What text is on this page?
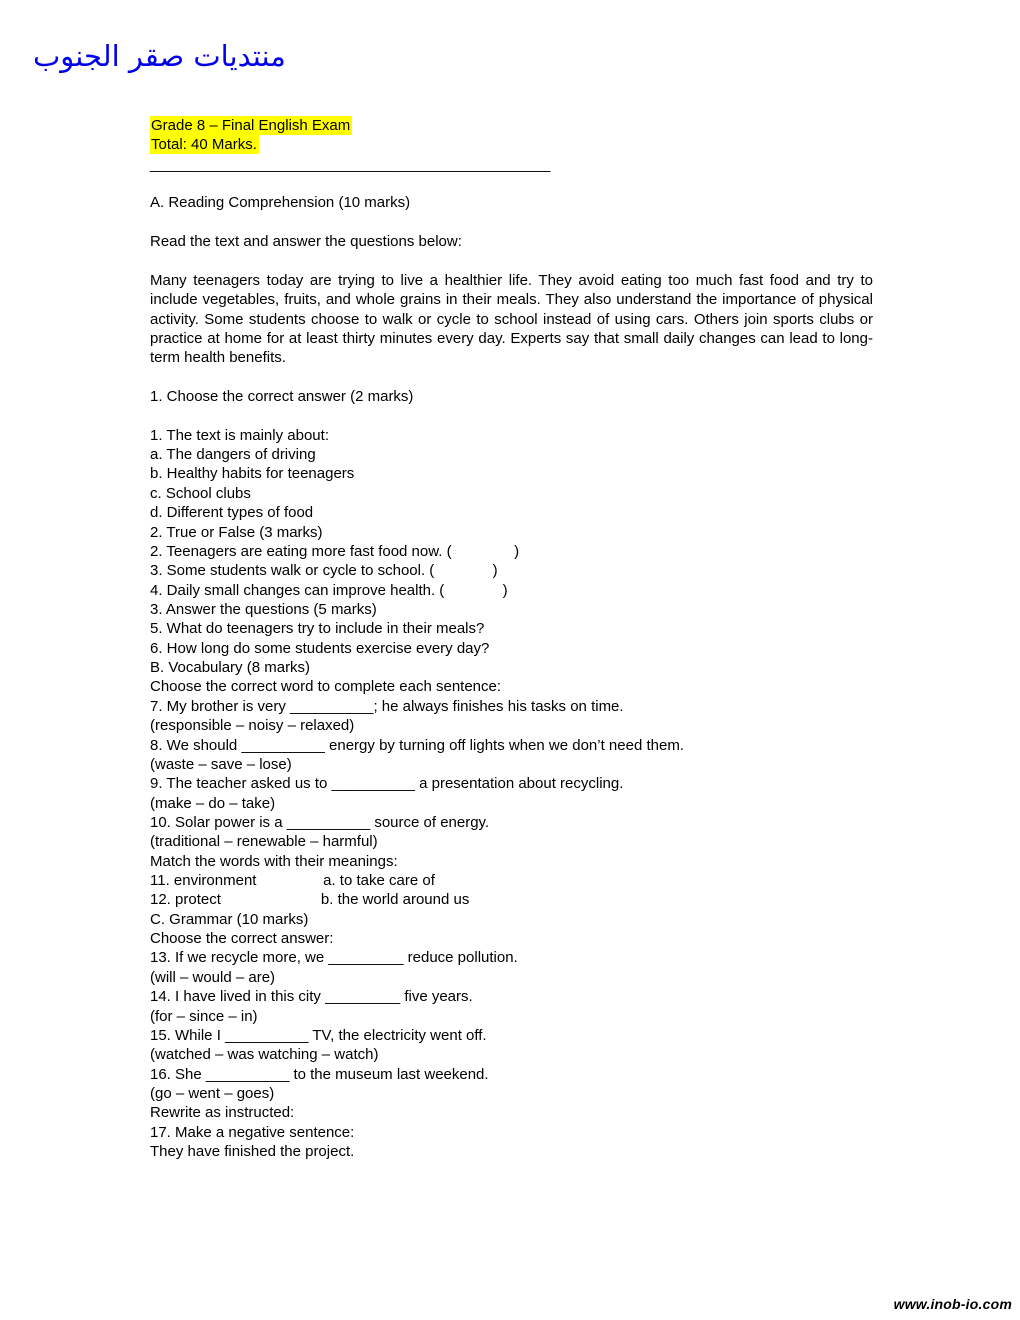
منتديات صقر الجنوب
Grade 8 – Final English Exam
Total: 40 Marks.
________________________________________________
A. Reading Comprehension (10 marks)
Read the text and answer the questions below:
Many teenagers today are trying to live a healthier life. They avoid eating too much fast food and try to include vegetables, fruits, and whole grains in their meals. They also understand the importance of physical activity. Some students choose to walk or cycle to school instead of using cars. Others join sports clubs or practice at home for at least thirty minutes every day. Experts say that small daily changes can lead to long-term health benefits.
1. Choose the correct answer (2 marks)
1. The text is mainly about:
a. The dangers of driving
b. Healthy habits for teenagers
c. School clubs
d. Different types of food
2. True or False (3 marks)
2. Teenagers are eating more fast food now. (               )
3. Some students walk or cycle to school. (              )
4. Daily small changes can improve health. (              )
3. Answer the questions (5 marks)
5. What do teenagers try to include in their meals?
6. How long do some students exercise every day?
B. Vocabulary (8 marks)
Choose the correct word to complete each sentence:
7. My brother is very __________; he always finishes his tasks on time.
(responsible – noisy – relaxed)
8. We should __________ energy by turning off lights when we don’t need them.
(waste – save – lose)
9. The teacher asked us to __________ a presentation about recycling.
(make – do – take)
10. Solar power is a __________ source of energy.
(traditional – renewable – harmful)
Match the words with their meanings:
11. environment                a. to take care of
12. protect                        b. the world around us
C. Grammar (10 marks)
Choose the correct answer:
13. If we recycle more, we _________ reduce pollution.
(will – would – are)
14. I have lived in this city _________ five years.
(for – since – in)
15. While I __________ TV, the electricity went off.
(watched – was watching – watch)
16. She __________ to the museum last weekend.
(go – went – goes)
Rewrite as instructed:
17. Make a negative sentence:
They have finished the project.
www.inob-io.com
